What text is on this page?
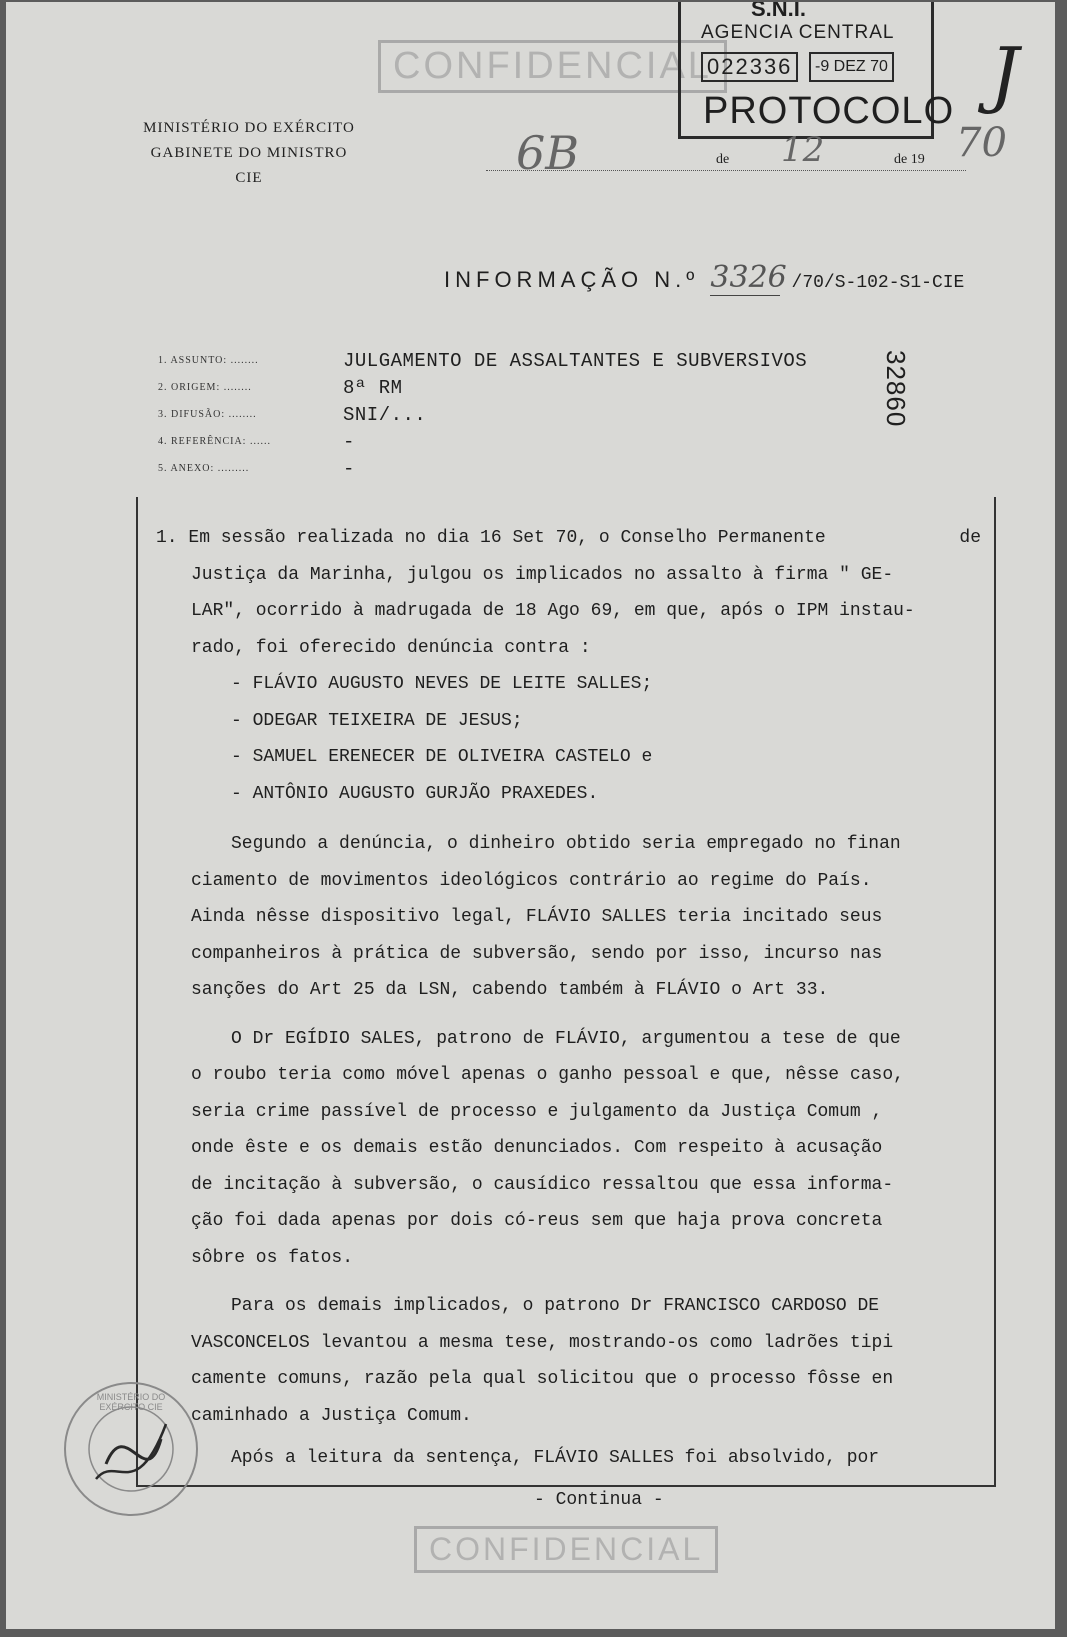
CONFIDENCIAL
S.N.I.
AGENCIA CENTRAL
022336	-9 DEZ 70
PROTOCOLO J
MINISTÉRIO DO EXÉRCITO
GABINETE DO MINISTRO
CIE	6B	de 12	de 19 70
INFORMAÇÃO N.º 3326 /70/S-102-S1-CIE
1. ASSUNTO: ........	JULGAMENTO DE ASSALTANTES E SUBVERSIVOS
2. ORIGEM: ........	8ª RM
3. DIFUSÃO: ........	SNI/...
4. REFERÊNCIA: ......	-
5. ANEXO: .........	-
32860
1. Em sessão realizada no dia 16 Set 70, o Conselho Permanente	de
Justiça da Marinha, julgou os implicados no assalto à firma " GE-
LAR", ocorrido à madrugada de 18 Ago 69, em que, após o IPM instau-
rado, foi oferecido denúncia contra :
- FLÁVIO AUGUSTO NEVES DE LEITE SALLES;
- ODEGAR TEIXEIRA DE JESUS;
- SAMUEL ERENECER DE OLIVEIRA CASTELO e
- ANTÔNIO AUGUSTO GURJÃO PRAXEDES.
Segundo a denúncia, o dinheiro obtido seria empregado no finan
ciamento de movimentos ideológicos contrário ao regime do País.
Ainda nêsse dispositivo legal, FLÁVIO SALLES teria incitado seus
companheiros à prática de subversão, sendo por isso, incurso nas
sanções do Art 25 da LSN, cabendo também à FLÁVIO o Art 33.
O Dr EGÍDIO SALES, patrono de FLÁVIO, argumentou a tese de que
o roubo teria como móvel apenas o ganho pessoal e que, nêsse caso,
seria crime passível de processo e julgamento da Justiça Comum ,
onde êste e os demais estão denunciados. Com respeito à acusação
de incitação à subversão, o causídico ressaltou que essa informa-
ção foi dada apenas por dois có-reus sem que haja prova concreta
sôbre os fatos.
Para os demais implicados, o patrono Dr FRANCISCO CARDOSO DE
VASCONCELOS levantou a mesma tese, mostrando-os como ladrões tipi
camente comuns, razão pela qual solicitou que o processo fôsse en
caminhado a Justiça Comum.
Após a leitura da sentença, FLÁVIO SALLES foi absolvido, por
- Continua -
CONFIDENCIAL
MINISTÉRIO DO EXÉRCITO CIE
